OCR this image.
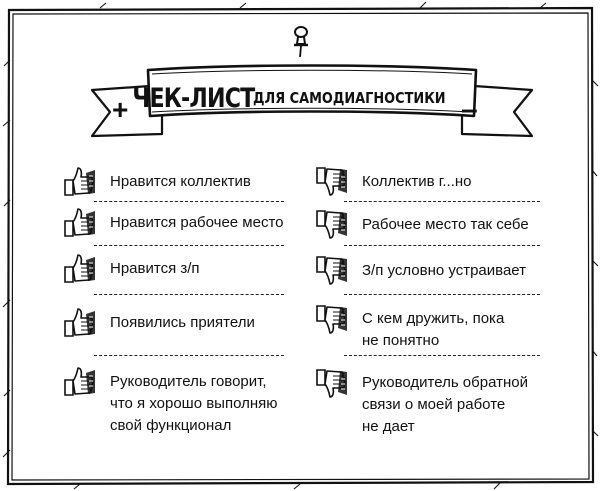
ЧЕК-ЛИСТ ДЛЯ САМОДИАГНОСТИКИ
+	–
Нравится коллектив
Нравится рабочее место
Нравится з/п
Появились приятели
Руководитель говорит,
что я хорошо выполняю
свой функционал
Коллектив г...но
Рабочее место так себе
З/п условно устраивает
С кем дружить, пока
не понятно
Руководитель обратной
связи о моей работе
не дает
